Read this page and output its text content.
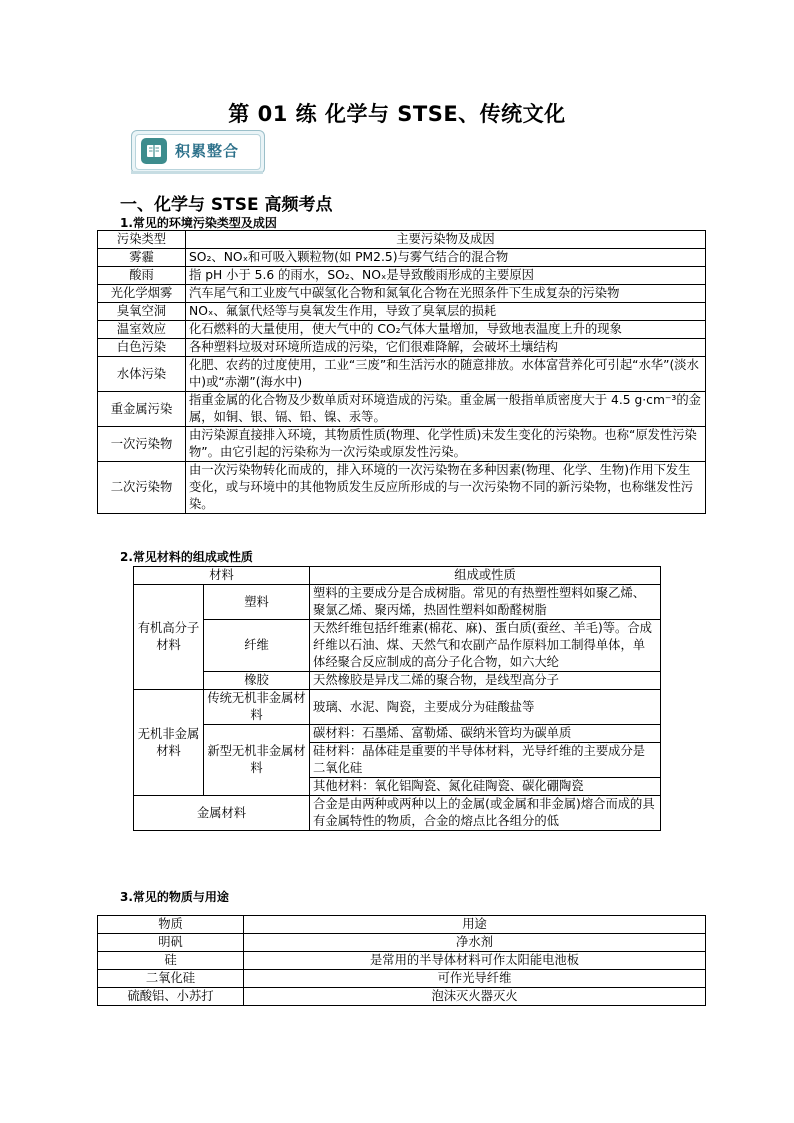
第 01 练 化学与 STSE、传统文化
积累整合
一、化学与 STSE 高频考点
1.常见的环境污染类型及成因
污染类型	主要污染物及成因
雾霾	SO₂、NOₓ和可吸入颗粒物(如 PM2.5)与雾气结合的混合物
酸雨	指 pH 小于 5.6 的雨水，SO₂、NOₓ是导致酸雨形成的主要原因
光化学烟雾	汽车尾气和工业废气中碳氢化合物和氮氧化合物在光照条件下生成复杂的污染物
臭氧空洞	NOₓ、氟氯代烃等与臭氧发生作用，导致了臭氧层的损耗
温室效应	化石燃料的大量使用，使大气中的 CO₂气体大量增加，导致地表温度上升的现象
白色污染	各种塑料垃圾对环境所造成的污染，它们很难降解，会破坏土壤结构
水体污染	化肥、农药的过度使用，工业“三废”和生活污水的随意排放。水体富营养化可引起“水华”(淡水中)或“赤潮”(海水中)
重金属污染	指重金属的化合物及少数单质对环境造成的污染。重金属一般指单质密度大于 4.5 g·cm⁻³的金属，如铜、银、镉、铅、镍、汞等。
一次污染物	由污染源直接排入环境，其物质性质(物理、化学性质)未发生变化的污染物。也称“原发性污染物”。由它引起的污染称为一次污染或原发性污染。
二次污染物	由一次污染物转化而成的，排入环境的一次污染物在多种因素(物理、化学、生物)作用下发生变化，或与环境中的其他物质发生反应所形成的与一次污染物不同的新污染物，也称继发性污染。
2.常见材料的组成或性质
材料		组成或性质
有机高分子材料	塑料	塑料的主要成分是合成树脂。常见的有热塑性塑料如聚乙烯、聚氯乙烯、聚丙烯，热固性塑料如酚醛树脂
	纤维	天然纤维包括纤维素(棉花、麻)、蛋白质(蚕丝、羊毛)等。合成纤维以石油、煤、天然气和农副产品作原料加工制得单体，单体经聚合反应制成的高分子化合物，如六大纶
	橡胶	天然橡胶是异戊二烯的聚合物，是线型高分子
无机非金属材料	传统无机非金属材料	玻璃、水泥、陶瓷，主要成分为硅酸盐等
	新型无机非金属材料	碳材料：石墨烯、富勒烯、碳纳米管均为碳单质
		硅材料：晶体硅是重要的半导体材料，光导纤维的主要成分是二氧化硅
		其他材料：氧化铝陶瓷、氮化硅陶瓷、碳化硼陶瓷
金属材料		合金是由两种或两种以上的金属(或金属和非金属)熔合而成的具有金属特性的物质，合金的熔点比各组分的低
3.常见的物质与用途
物质	用途
明矾	净水剂
硅	是常用的半导体材料可作太阳能电池板
二氧化硅	可作光导纤维
硫酸铝、小苏打	泡沫灭火器灭火
